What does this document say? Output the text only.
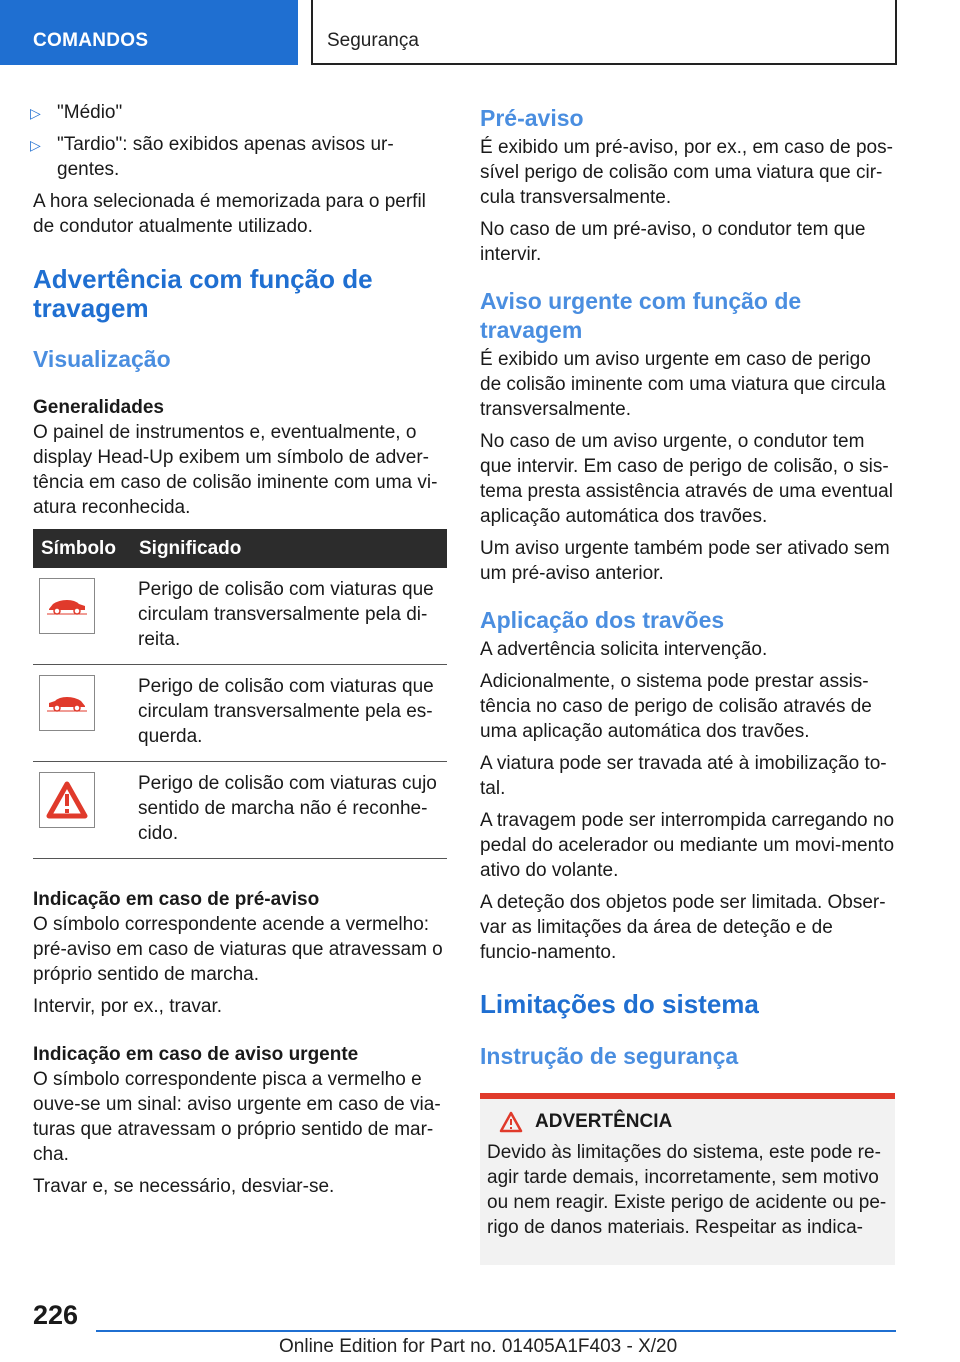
COMANDOS	Segurança
▷ "Médio"
▷ "Tardio": são exibidos apenas avisos ur-gentes.

A hora selecionada é memorizada para o perfil de condutor atualmente utilizado.

Advertência com função de travagem
Visualização
Generalidades

O painel de instrumentos e, eventualmente, o display Head-Up exibem um símbolo de adver-tência em caso de colisão iminente com uma vi-atura reconhecida.

Símbolo	Significado

	Perigo de colisão com viaturas que circulam transversalmente pela di-reita.

	Perigo de colisão com viaturas que circulam transversalmente pela es-querda.

	Perigo de colisão com viaturas cujo sentido de marcha não é reconhe-cido.
Indicação em caso de pré-aviso

O símbolo correspondente acende a vermelho: pré-aviso em caso de viaturas que atravessam o próprio sentido de marcha.

Intervir, por ex., travar.

Indicação em caso de aviso urgente

O símbolo correspondente pisca a vermelho e ouve-se um sinal: aviso urgente em caso de via-turas que atravessam o próprio sentido de mar-cha.

Travar e, se necessário, desviar-se.

Pré-aviso

É exibido um pré-aviso, por ex., em caso de pos-sível perigo de colisão com uma viatura que cir-cula transversalmente.

No caso de um pré-aviso, o condutor tem que intervir.

Aviso urgente com função de travagem

É exibido um aviso urgente em caso de perigo de colisão iminente com uma viatura que circula transversalmente.

No caso de um aviso urgente, o condutor tem que intervir. Em caso de perigo de colisão, o sis-tema presta assistência através de uma eventual aplicação automática dos travões.

Um aviso urgente também pode ser ativado sem um pré-aviso anterior.

Aplicação dos travões

A advertência solicita intervenção.

Adicionalmente, o sistema pode prestar assis-tência no caso de perigo de colisão através de uma aplicação automática dos travões.

A viatura pode ser travada até à imobilização to-tal.

A travagem pode ser interrompida carregando no pedal do acelerador ou mediante um movi-mento ativo do volante.

A deteção dos objetos pode ser limitada. Obser-var as limitações da área de deteção e de funcio-namento.

Limitações do sistema
Instrução de segurança
ADVERTÊNCIA

Devido às limitações do sistema, este pode re-agir tarde demais, incorretamente, sem motivo ou nem reagir. Existe perigo de acidente ou pe-rigo de danos materiais. Respeitar as indica-

226
Online Edition for Part no. 01405A1F403 - X/20
